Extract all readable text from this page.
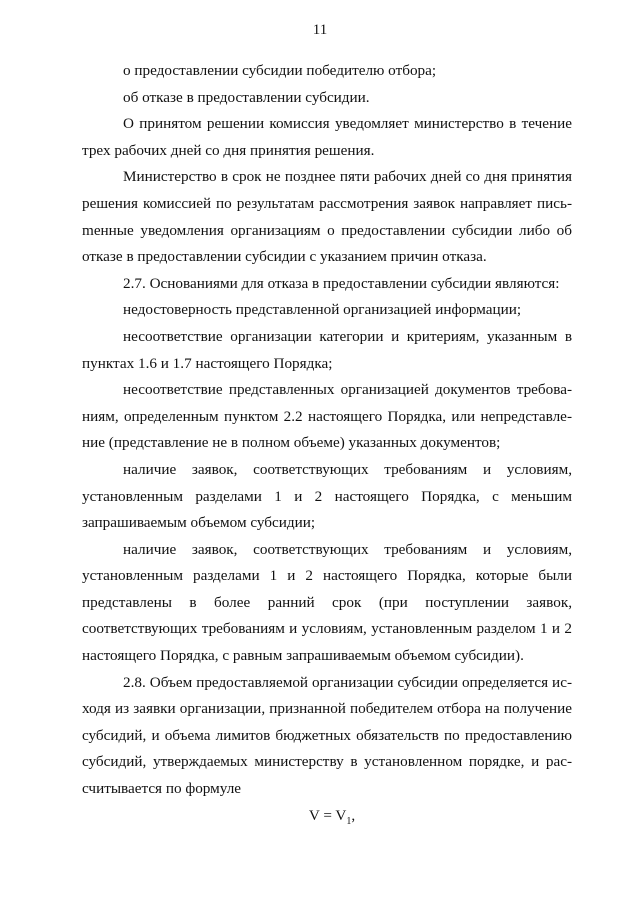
11

о предоставлении субсидии победителю отбора;

об отказе в предоставлении субсидии.

О принятом решении комиссия уведомляет министерство в течение трех рабочих дней со дня принятия решения.

Министерство в срок не позднее пяти рабочих дней со дня принятия решения комиссией по результатам рассмотрения заявок направляет письmенные уведомления организациям о предоставлении субсидии либо об отказе в предоставлении субсидии с указанием причин отказа.

2.7. Основаниями для отказа в предоставлении субсидии являются:

недостоверность представленной организацией информации;

несоответствие организации категории и критериям, указанным в пунктах 1.6 и 1.7 настоящего Порядка;

несоответствие представленных организацией документов требованиям, определенным пунктом 2.2 настоящего Порядка, или непредставление (представление не в полном объеме) указанных документов;

наличие заявок, соответствующих требованиям и условиям, установленным разделами 1 и 2 настоящего Порядка, с меньшим запрашиваемым объемом субсидии;

наличие заявок, соответствующих требованиям и условиям, установленным разделами 1 и 2 настоящего Порядка, которые были представлены в более ранний срок (при поступлении заявок, соответствующих требованиям и условиям, установленным разделом 1 и 2 настоящего Порядка, с равным запрашиваемым объемом субсидии).

2.8. Объем предоставляемой организации субсидии определяется исходя из заявки организации, признанной победителем отбора на получение субсидий, и объема лимитов бюджетных обязательств по предоставлению субсидий, утверждаемых министерству в установленном порядке, и рассчитывается по формуле

$V = V_1$,
